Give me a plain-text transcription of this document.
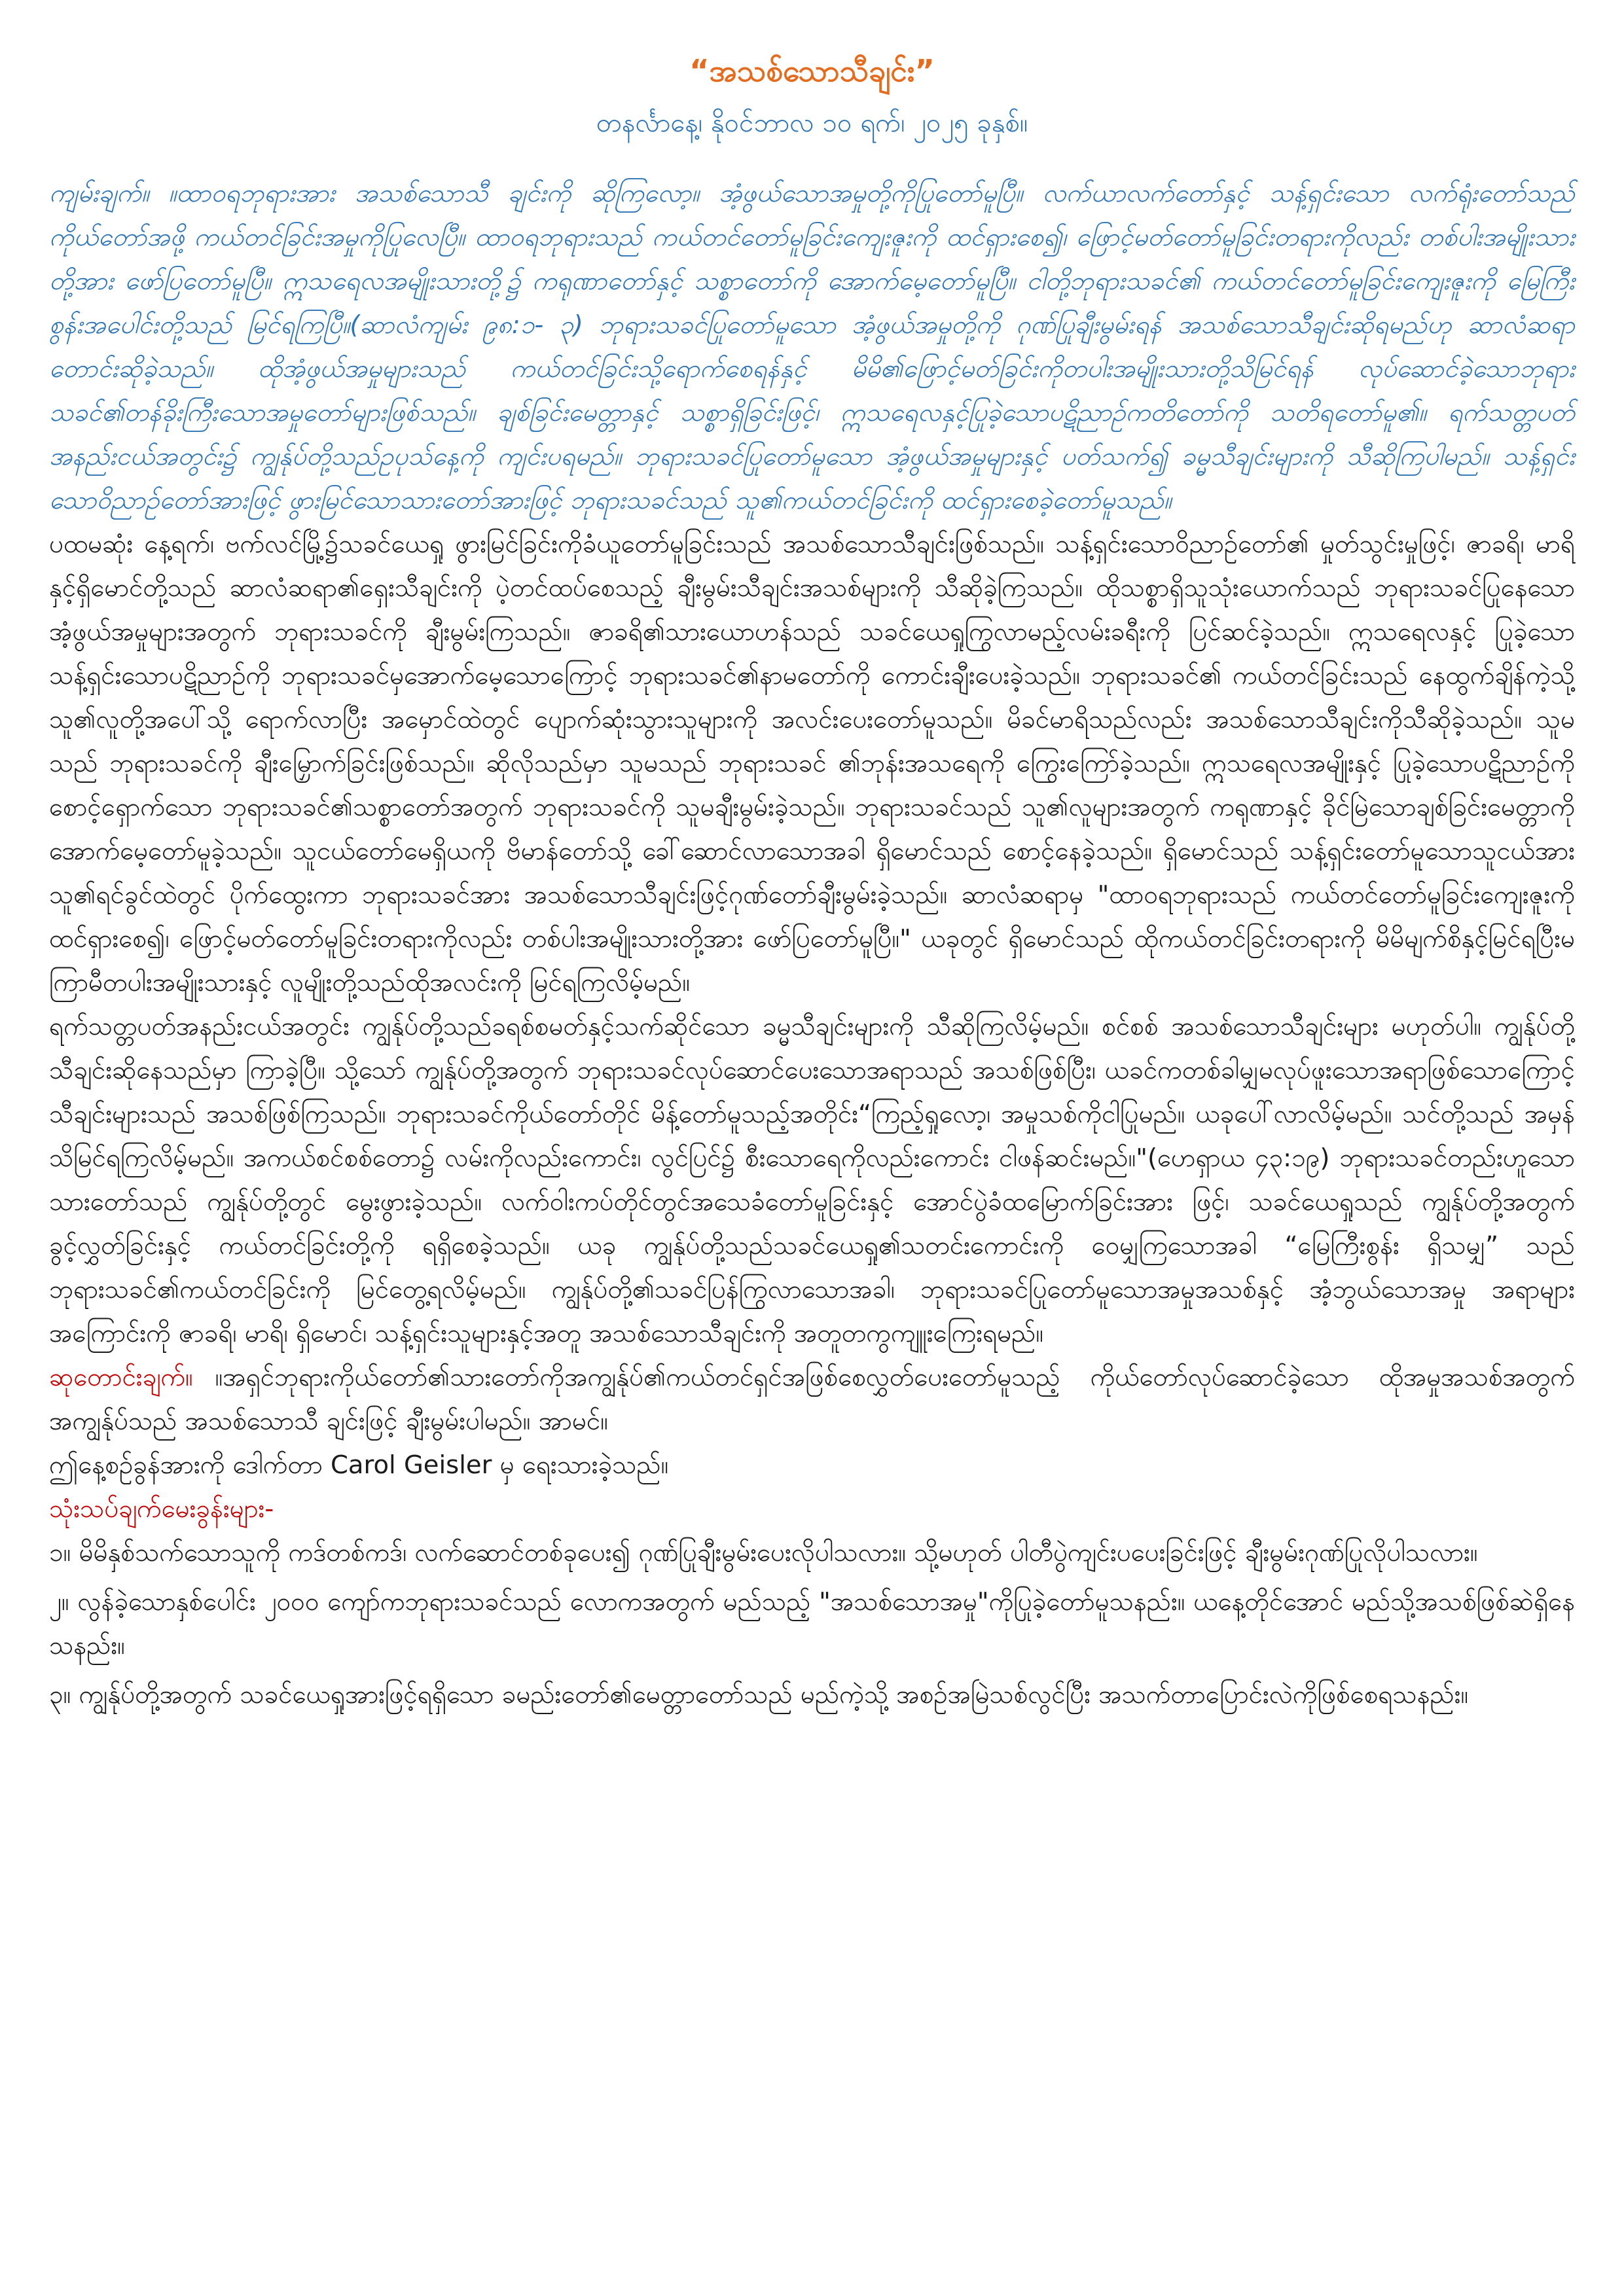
“အသစ်သောသီချင်း”
တနင်္လာနေ့၊ နိုဝင်ဘာလ ၁၀ ရက်၊ ၂၀၂၅ ခုနှစ်။

ကျမ်းချက်။ ။ထာဝရဘုရားအား အသစ်သောသီ ချင်းကို ဆိုကြလော့။ အံ့ဖွယ်သောအမှုတို့ကိုပြုတော်မူပြီ။ လက်ယာလက်တော်နှင့် သန့်ရှင်းသော လက်ရုံးတော်သည် ကိုယ်တော်အဖို့ ကယ်တင်ခြင်းအမှုကိုပြုလေပြီ။ ထာဝရဘုရားသည် ကယ်တင်တော်မူခြင်းကျေးဇူးကို ထင်ရှားစေ၍၊ ဖြောင့်မတ်တော်မူခြင်းတရားကိုလည်း တစ်ပါးအမျိုးသားတို့အား ဖော်ပြတော်မူပြီ။ ဣသရေလအမျိုးသားတို့၌ ကရုဏာတော်နှင့် သစ္စာတော်ကို အောက်မေ့တော်မူပြီ။ ငါတို့ဘုရားသခင်၏ ကယ်တင်တော်မူခြင်းကျေးဇူးကို မြေကြီးစွန်းအပေါင်းတို့သည် မြင်ရကြပြီ။(ဆာလံကျမ်း ၉၈:၁- ၃) ဘုရားသခင်ပြုတော်မူသော အံ့ဖွယ်အမှုတို့ကို ဂုဏ်ပြုချီးမွမ်းရန် အသစ်သောသီချင်းဆိုရမည်ဟု ဆာလံဆရာတောင်းဆိုခဲ့သည်။ ထိုအံ့ဖွယ်အမှုများသည် ကယ်တင်ခြင်းသို့ရောက်စေရန်နှင့် မိမိ၏ဖြောင့်မတ်ခြင်းကိုတပါးအမျိုးသားတို့သိမြင်ရန် လုပ်ဆောင်ခဲ့သောဘုရား သခင်၏တန်ခိုးကြီးသောအမှုတော်များဖြစ်သည်။ ချစ်ခြင်းမေတ္တာနှင့် သစ္စာရှိခြင်းဖြင့်၊ ဣသရေလနှင့်ပြုခဲ့သောပဋိညာဉ်ကတိတော်ကို သတိရတော်မူ၏။ ရက်သတ္တပတ်အနည်းငယ်အတွင်း၌ ကျွန်ုပ်တို့သည်ဥပုသ်နေ့ကို ကျင်းပရမည်။ ဘုရားသခင်ပြုတော်မူသော အံ့ဖွယ်အမှုများနှင့် ပတ်သက်၍ ခမ္မသီချင်းများကို သီဆိုကြပါမည်။ သန့်ရှင်းသောဝိညာဉ်တော်အားဖြင့် ဖွားမြင်သောသားတော်အားဖြင့် ဘုရားသခင်သည် သူ၏ကယ်တင်ခြင်းကို ထင်ရှားစေခဲ့တော်မူသည်။

ပထမဆုံး နေ့ရက်၊ ဗက်လင်မြို့၌သခင်ယေရှု ဖွားမြင်ခြင်းကိုခံယူတော်မူခြင်းသည် အသစ်သောသီချင်းဖြစ်သည်။ သန့်ရှင်းသောဝိညာဉ်တော်၏ မှုတ်သွင်းမှုဖြင့်၊ ဇာခရိ၊ မာရိနှင့်ရှိမောင်တို့သည် ဆာလံဆရာ၏ရှေးသီချင်းကို ပဲ့တင်ထပ်စေသည့် ချီးမွမ်းသီချင်းအသစ်များကို သီဆိုခဲ့ကြသည်။ ထိုသစ္စာရှိသူသုံးယောက်သည် ဘုရားသခင်ပြုနေသောအံ့ဖွယ်အမှုများအတွက် ဘုရားသခင်ကို ချီးမွမ်းကြသည်။ ဇာခရိ၏သားယောဟန်သည် သခင်ယေရှုကြွလာမည့်လမ်းခရီးကို ပြင်ဆင်ခဲ့သည်။ ဣသရေလနှင့် ပြုခဲ့သောသန့်ရှင်းသောပဋိညာဉ်ကို ဘုရားသခင်မှအောက်မေ့သောကြောင့် ဘုရားသခင်၏နာမတော်ကို ကောင်းချီးပေးခဲ့သည်။ ဘုရားသခင်၏ ကယ်တင်ခြင်းသည် နေထွက်ချိန်ကဲ့သို့ သူ၏လူတို့အပေါ်သို့ ရောက်လာပြီး အမှောင်ထဲတွင် ပျောက်ဆုံးသွားသူများကို အလင်းပေးတော်မူသည်။ မိခင်မာရိသည်လည်း အသစ်သောသီချင်းကိုသီဆိုခဲ့သည်။ သူမသည် ဘုရားသခင်ကို ချီးမြှောက်ခြင်းဖြစ်သည်။ ဆိုလိုသည်မှာ သူမသည် ဘုရားသခင် ၏ဘုန်းအသရေကို ကြွေးကြော်ခဲ့သည်။ ဣသရေလအမျိုးနှင့် ပြုခဲ့သောပဋိညာဉ်ကို စောင့်ရှောက်သော ဘုရားသခင်၏သစ္စာတော်အတွက် ဘုရားသခင်ကို သူမချီးမွမ်းခဲ့သည်။ ဘုရားသခင်သည် သူ၏လူများအတွက် ကရုဏာနှင့် ခိုင်မြဲသောချစ်ခြင်းမေတ္တာကိုအောက်မေ့တော်မူခဲ့သည်။ သူငယ်တော်မေရှိယကို ဗိမာန်တော်သို့ ခေါ်ဆောင်လာသောအခါ ရှိမောင်သည် စောင့်နေခဲ့သည်။ ရှိမောင်သည် သန့်ရှင်းတော်မူသောသူငယ်အား သူ၏ရင်ခွင်ထဲတွင် ပိုက်ထွေးကာ ဘုရားသခင်အား အသစ်သောသီချင်းဖြင့်ဂုဏ်တော်ချီးမွမ်းခဲ့သည်။ ဆာလံဆရာမှ "ထာဝရဘုရားသည် ကယ်တင်တော်မူခြင်းကျေးဇူးကို ထင်ရှားစေ၍၊ ဖြောင့်မတ်တော်မူခြင်းတရားကိုလည်း တစ်ပါးအမျိုးသားတို့အား ဖော်ပြတော်မူပြီ။" ယခုတွင် ရှိမောင်သည် ထိုကယ်တင်ခြင်းတရားကို မိမိမျက်စိနှင့်မြင်ရပြီးမကြာမီတပါးအမျိုးသားနှင့် လူမျိုးတို့သည်ထိုအလင်းကို မြင်ရကြလိမ့်မည်။

ရက်သတ္တပတ်အနည်းငယ်အတွင်း ကျွန်ုပ်တို့သည်ခရစ်စမတ်နှင့်သက်ဆိုင်သော ခမ္မသီချင်းများကို သီဆိုကြလိမ့်မည်။ စင်စစ် အသစ်သောသီချင်းများ မဟုတ်ပါ။ ကျွန်ုပ်တို့သီချင်းဆိုနေသည်မှာ ကြာခဲ့ပြီ။ သို့သော် ကျွန်ုပ်တို့အတွက် ဘုရားသခင်လုပ်ဆောင်ပေးသောအရာသည် အသစ်ဖြစ်ပြီး၊ ယခင်ကတစ်ခါမျှမလုပ်ဖူးသောအရာဖြစ်သောကြောင့် သီချင်းများသည် အသစ်ဖြစ်ကြသည်။ ဘုရားသခင်ကိုယ်တော်တိုင် မိန့်တော်မူသည့်အတိုင်း“ကြည့်ရှုလော့၊ အမှုသစ်ကိုငါပြုမည်။ ယခုပေါ်လာလိမ့်မည်။ သင်တို့သည် အမှန်သိမြင်ရကြလိမ့်မည်။ အကယ်စင်စစ်တော၌ လမ်းကိုလည်းကောင်း၊ လွင်ပြင်၌ စီးသောရေကိုလည်းကောင်း ငါဖန်ဆင်းမည်။"(ဟေရှာယ ၄၃:၁၉) ဘုရားသခင်တည်းဟူသောသားတော်သည် ကျွန်ုပ်တို့တွင် မွေးဖွားခဲ့သည်။ လက်ဝါးကပ်တိုင်တွင်အသေခံတော်မူခြင်းနှင့် အောင်ပွဲခံထမြောက်ခြင်းအား ဖြင့်၊ သခင်ယေရှုသည် ကျွန်ုပ်တို့အတွက် ခွင့်လွှတ်ခြင်းနှင့် ကယ်တင်ခြင်းတို့ကို ရရှိစေခဲ့သည်။ ယခု ကျွန်ုပ်တို့သည်သခင်ယေရှု၏သတင်းကောင်းကို ဝေမျှကြသောအခါ “မြေကြီးစွန်း ရှိသမျှ” သည် ဘုရားသခင်၏ကယ်တင်ခြင်းကို မြင်တွေ့ရလိမ့်မည်။ ကျွန်ုပ်တို့၏သခင်ပြန်ကြွလာသောအခါ၊ ဘုရားသခင်ပြုတော်မူသောအမှုအသစ်နှင့် အံ့ဘွယ်သောအမှု အရာများအကြောင်းကို ဇာခရိ၊ မာရိ၊ ရှိမောင်၊ သန့်ရှင်းသူများနှင့်အတူ အသစ်သောသီချင်းကို အတူတကွကျူးကြေးရမည်။

ဆုတောင်းချက်။ ။အရှင်ဘုရားကိုယ်တော်၏သားတော်ကိုအကျွန်ုပ်၏ကယ်တင်ရှင်အဖြစ်စေလွှတ်ပေးတော်မူသည့် ကိုယ်တော်လုပ်ဆောင်ခဲ့သော ထိုအမှုအသစ်အတွက် အကျွန်ုပ်သည် အသစ်သောသီ ချင်းဖြင့် ချီးမွမ်းပါမည်။ အာမင်။

ဤနေ့စဉ်ခွန်အားကို ဒေါက်တာ Carol Geisler မှ ရေးသားခဲ့သည်။

သုံးသပ်ချက်မေးခွန်းများ-

၁။ မိမိနှစ်သက်သောသူကို ကဒ်တစ်ကဒ်၊ လက်ဆောင်တစ်ခုပေး၍ ဂုဏ်ပြုချီးမွမ်းပေးလိုပါသလား။ သို့မဟုတ် ပါတီပွဲကျင်းပပေးခြင်းဖြင့် ချီးမွမ်းဂုဏ်ပြုလိုပါသလား။

၂။ လွန်ခဲ့သောနှစ်ပေါင်း ၂၀၀၀ ကျော်ကဘုရားသခင်သည် လောကအတွက် မည်သည့် "အသစ်သောအမှု"ကိုပြုခဲ့တော်မူသနည်း။ ယနေ့တိုင်အောင် မည်သို့အသစ်ဖြစ်ဆဲရှိနေသနည်း။

၃။ ကျွန်ုပ်တို့အတွက် သခင်ယေရှုအားဖြင့်ရရှိသော ခမည်းတော်၏မေတ္တာတော်သည် မည်ကဲ့သို့ အစဥ်အမြဲသစ်လွင်ပြီး အသက်တာပြောင်းလဲကိုဖြစ်စေရသနည်း။
